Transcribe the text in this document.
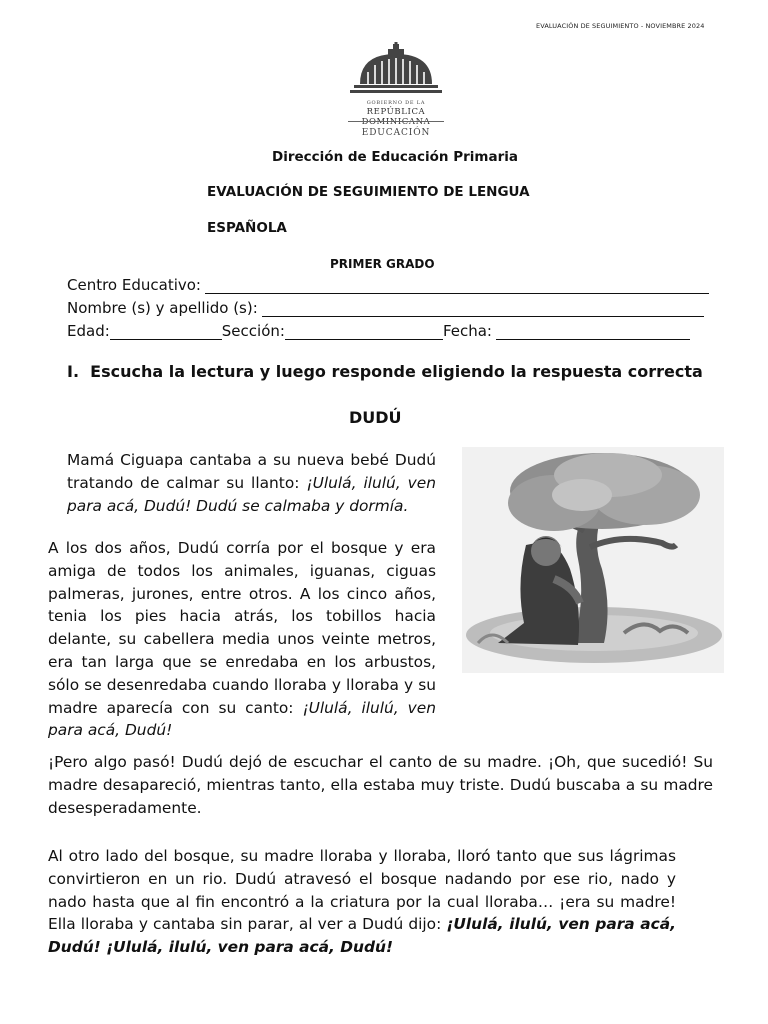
EVALUACIÓN DE SEGUIMIENTO - NOVIEMBRE 2024
GOBIERNO DE LA
REPÚBLICA DOMINICANA
EDUCACIÓN
Dirección de Educación Primaria
EVALUACIÓN DE SEGUIMIENTO DE LENGUA
ESPAÑOLA
PRIMER GRADO
Centro Educativo:
Nombre (s) y apellido (s):
Edad:	Sección:	Fecha:
I. Escucha la lectura y luego responde eligiendo la respuesta correcta
DUDÚ
Mamá Ciguapa cantaba a su nueva bebé Dudú tratando de calmar su llanto: ¡Ululá, ilulú, ven para acá, Dudú! Dudú se calmaba y dormía.
A los dos años, Dudú corría por el bosque y era amiga de todos los animales, iguanas, ciguas palmeras, jurones, entre otros. A los cinco años, tenia los pies hacia atrás, los tobillos hacia delante, su cabellera media unos veinte metros, era tan larga que se enredaba en los arbustos, sólo se desenredaba cuando lloraba y lloraba y su madre aparecía con su canto: ¡Ululá, ilulú, ven para acá, Dudú!
¡Pero algo pasó! Dudú dejó de escuchar el canto de su madre. ¡Oh, que sucedió! Su madre desapareció, mientras tanto, ella estaba muy triste. Dudú buscaba a su madre desesperadamente.
Al otro lado del bosque, su madre lloraba y lloraba, lloró tanto que sus lágrimas convirtieron en un rio. Dudú atravesó el bosque nadando por ese rio, nado y nado hasta que al fin encontró a la criatura por la cual lloraba… ¡era su madre! Ella lloraba y cantaba sin parar, al ver a Dudú dijo: ¡Ululá, ilulú, ven para acá, Dudú! ¡Ululá, ilulú, ven para acá, Dudú!
